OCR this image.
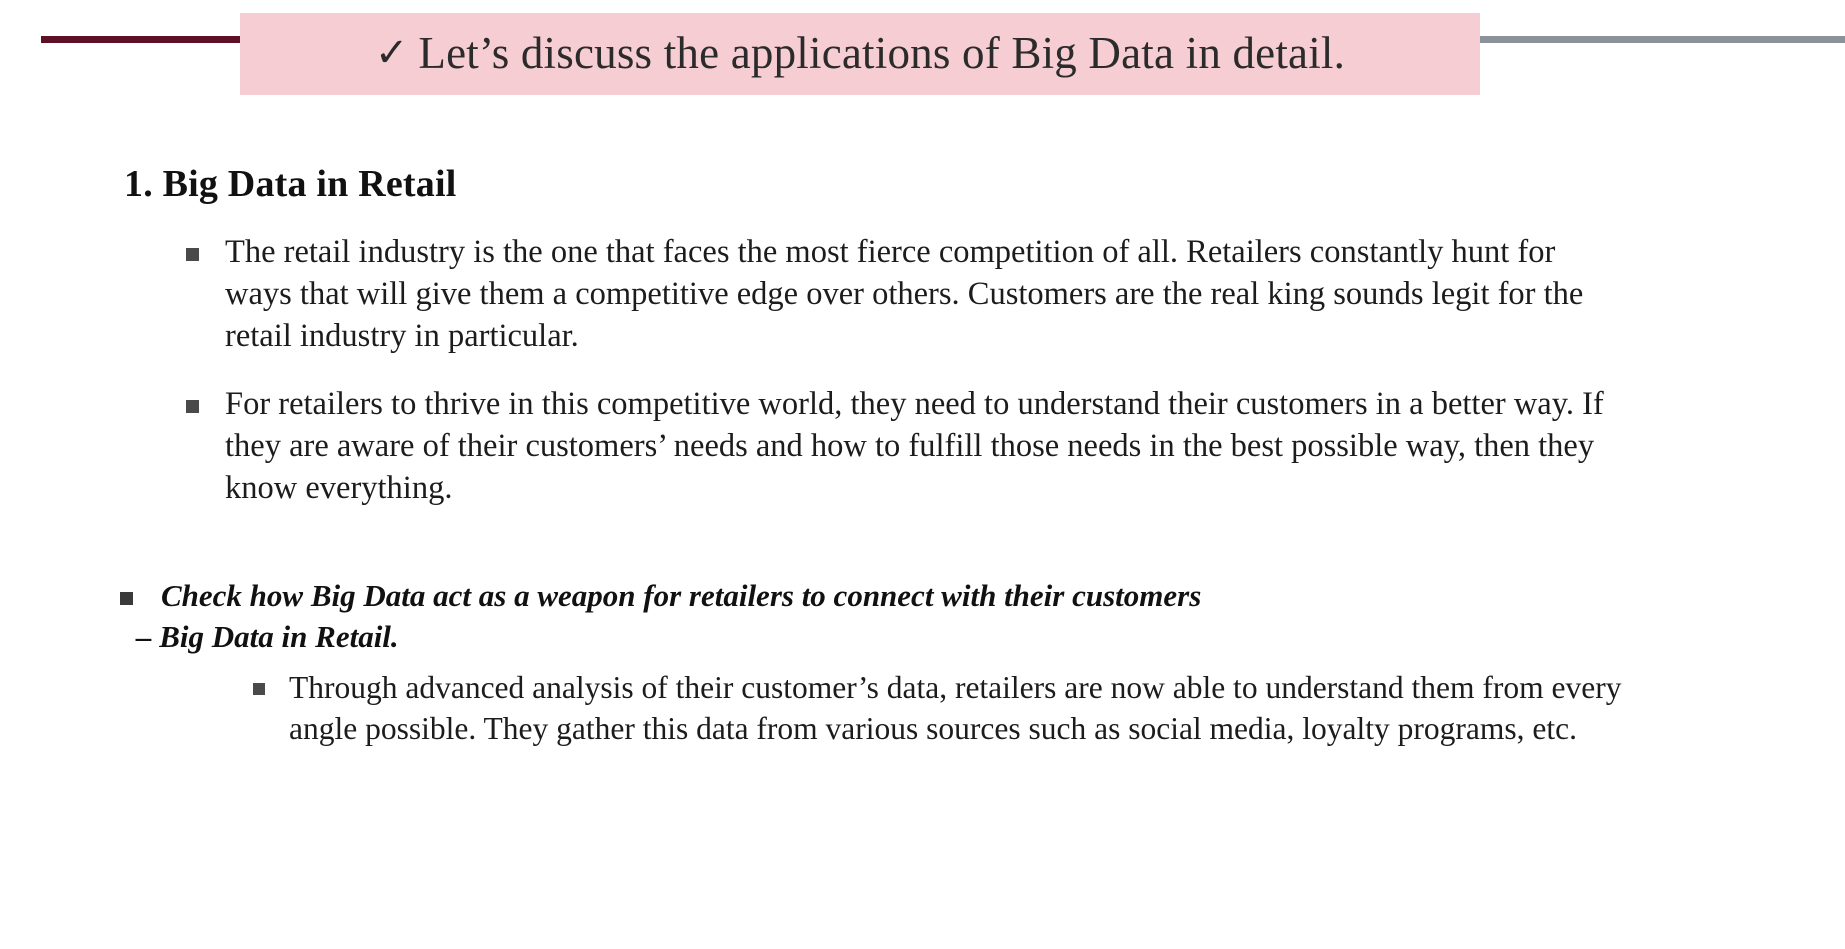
✓ Let’s discuss the applications of Big Data in detail.
1. Big Data in Retail
The retail industry is the one that faces the most fierce competition of all. Retailers constantly hunt for ways that will give them a competitive edge over others. Customers are the real king sounds legit for the retail industry in particular.
For retailers to thrive in this competitive world, they need to understand their customers in a better way. If they are aware of their customers’ needs and how to fulfill those needs in the best possible way, then they know everything.
Check how Big Data act as a weapon for retailers to connect with their customers
– Big Data in Retail.
Through advanced analysis of their customer’s data, retailers are now able to understand them from every angle possible. They gather this data from various sources such as social media, loyalty programs, etc.
